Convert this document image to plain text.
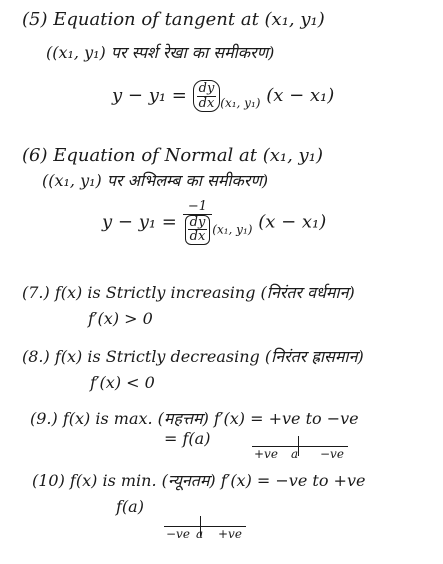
(5) Equation of tangent at (x₁, y₁)
((x₁, y₁) पर स्पर्श रेखा का समीकरण)
$y - y_1 = \frac{dy}{dx} _{(x_1, y_1)}$ (x − x₁)
(6) Equation of Normal at (x₁, y₁)
((x₁, y₁) पर अभिलम्ब का समीकरण)
$y - y_1 = \frac{-1}{\frac{dy}{dx}} _{(x_1, y_1)}$ (x − x₁)
(7.) f(x) is Strictly increasing (निरंतर वर्धमान)
f′(x) > 0
(8.) f(x) is Strictly decreasing (निरंतर ह्रासमान)
f′(x) < 0
(9.) f(x) is max. (महत्तम) f′(x) = +ve to −ve
= f(a)
+ve a −ve
(10) f(x) is min. (न्यूनतम) f′(x) = −ve to +ve
f(a)
−ve a +ve
